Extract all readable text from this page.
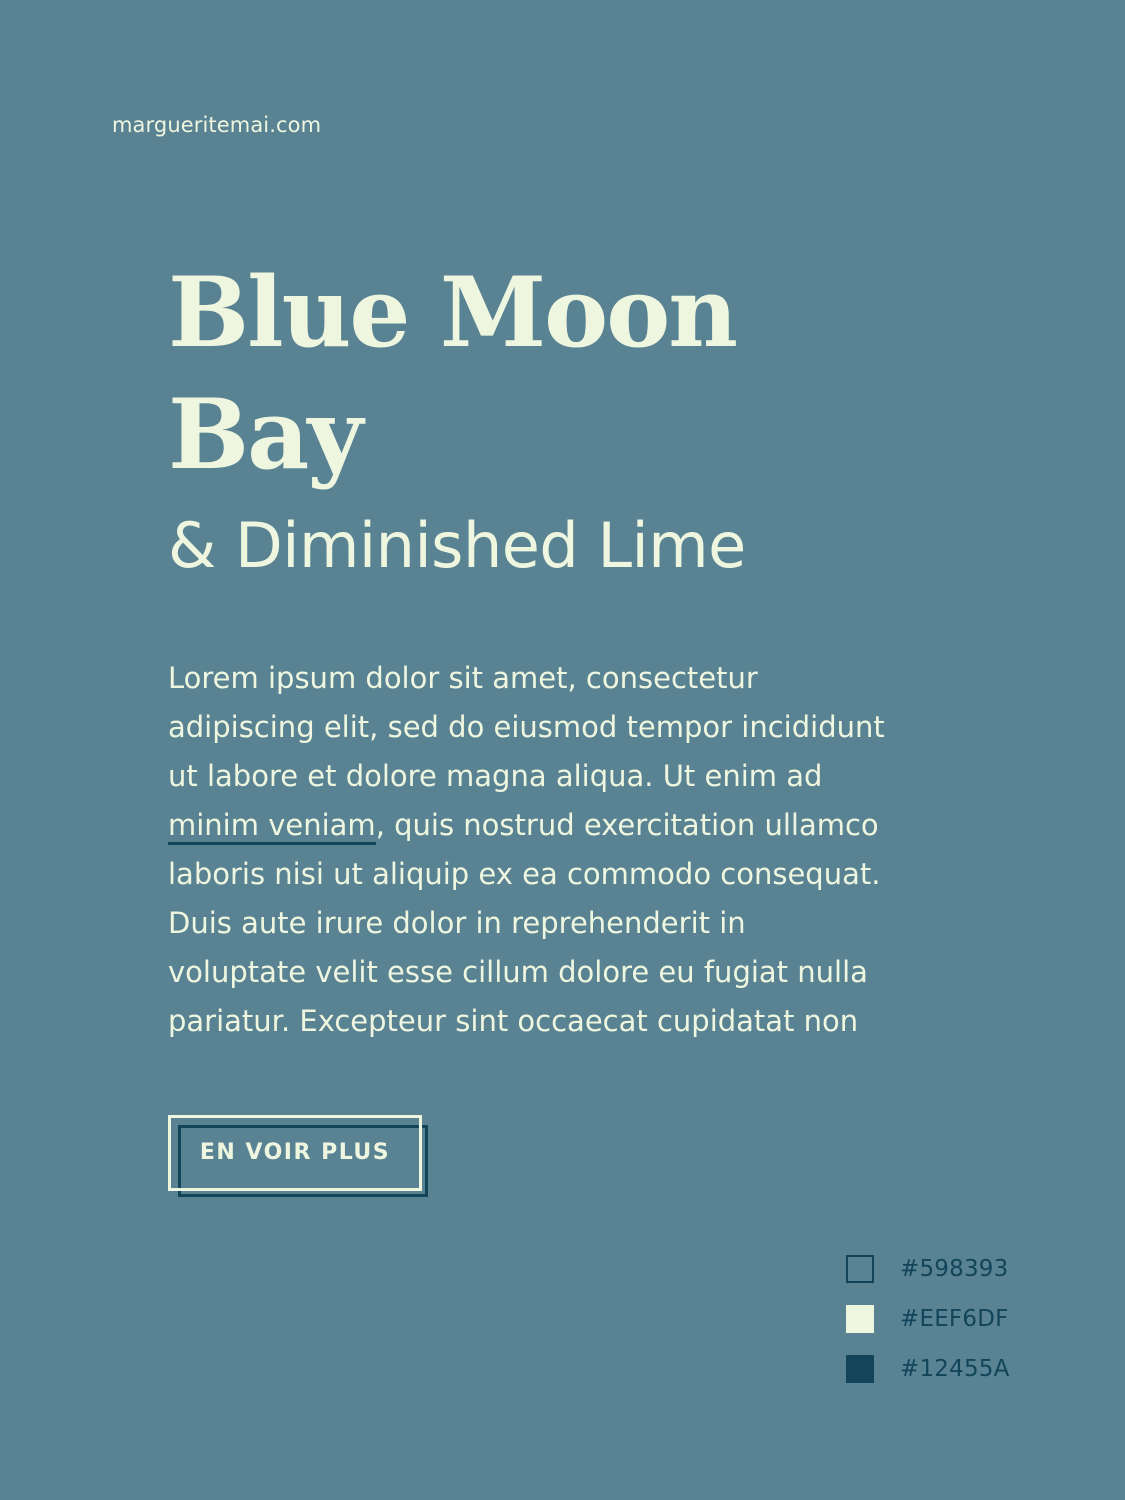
margueritemai.com
Blue Moon
Bay
& Diminished Lime

Lorem ipsum dolor sit amet, consectetur
adipiscing elit, sed do eiusmod tempor incididunt
ut labore et dolore magna aliqua. Ut enim ad
minim veniam, quis nostrud exercitation ullamco
laboris nisi ut aliquip ex ea commodo consequat.
Duis aute irure dolor in reprehenderit in
voluptate velit esse cillum dolore eu fugiat nulla
pariatur. Excepteur sint occaecat cupidatat non

EN VOIR PLUS
#598393
#EEF6DF
#12455A
